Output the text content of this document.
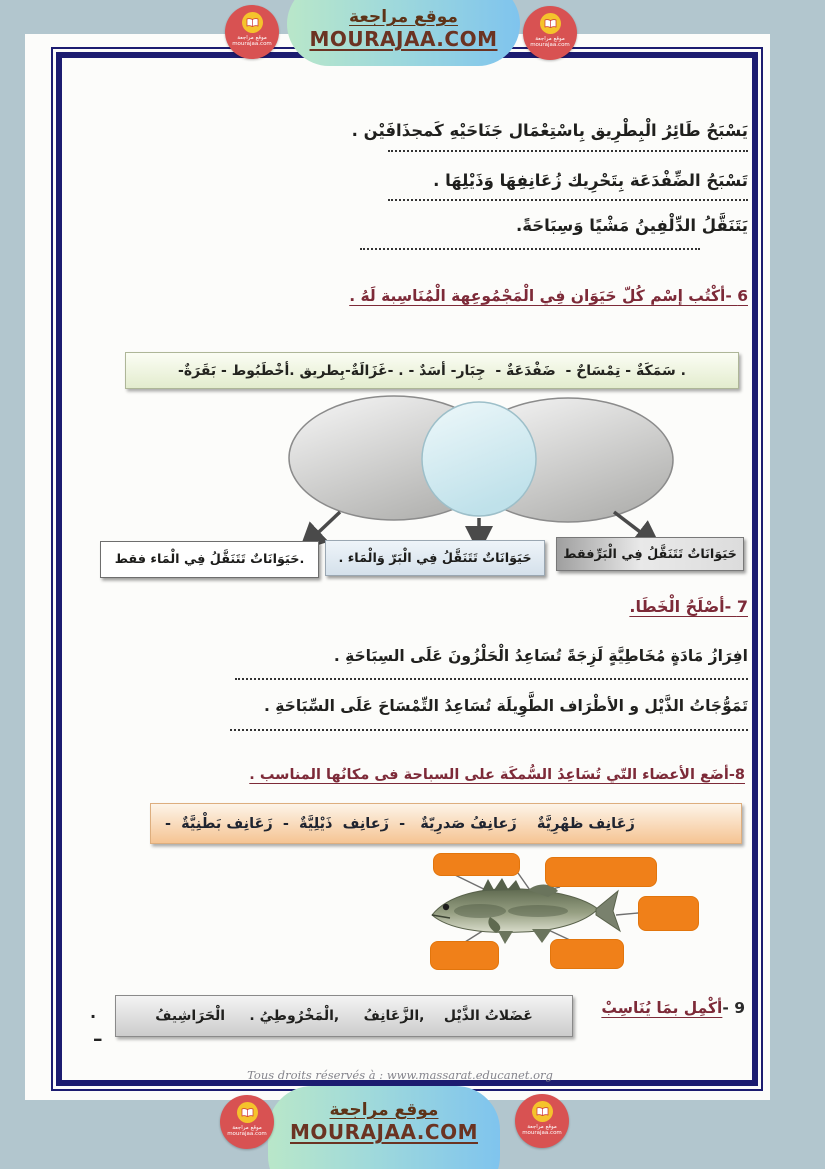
يَسْبَحُ طَائِرُ الْبِطْرِيق بِاسْتِعْمَال جَنَاحَيْهِ كَمجذَافَيْن .
تَسْبَحُ الضِّفْدَعَة بِتَحْرِيك زُعَانِفِهَا وَذَيْلِهَا .
يَتَنَقَّلُ الدِّلْفِينُ مَشْيًا وَسِبَاحَةً.
6 -أكْتُب إسْم كُلّ حَيَوَان فِي الْمَجْمُوعِهة الْمُنَاسِبة لَهُ .
. سَمَكَةٌ - تِمْسَاحٌ -  ضَفْدَعَةٌ -  جِبَار- أسَدٌ - . -غَزَالَةٌ-بِطريق .أخْطَبُوط - بَقَرَةٌ-
حَيَوَانَاتٌ تَتَنَقَّلُ فِي الْبَرِّفقط
حَيَوَانَاتٌ تَتَنَقَّلُ فِي الْبَرّ وَالْمَاء .
.حَيَوَانَاتٌ تَتَنَقَّلُ فِي الْمَاء فقط
7 -أصْلَحُ الْخَطَا.
افِرَازُ مَادَةٍ مُخَاطِيَّةٍ لَزِجَةً تُسَاعِدُ الْحَلْزُونَ عَلَى السِبَاحَةِ .
تَمَوُّجَاتُ الذَّيْل و الأطْرَاف الطَّوِيلَة تُسَاعِدُ التِّمْسَاحَ عَلَى السِّبَاحَةِ .
8-أضَع الأعضاء التّي تُسَاعِدُ السُّمكَة على السباحة فى مكانُها المناسب .
زَعَانِف ظهْرِيَّةٌ    زَعانِفُ صَدرِيّةٌ   -  زَعانِف  ذَيْلِيَّةٌ  -  زَعَانِف بَطْنِيَّةٌ  -
9 -أكْمِل بمَا يُنَاسِبْ
عَضَلاتُ الذَّيْل    ,الزَّعَانِفُ     ,الْمَخْرُوطِيُ .     الْحَرَاشِيفُ
.
–
Tous droits réservés à : www.massarat.educanet.org
موقع مراجعة
MOURAJAA.COM
موقع مراجعة
mourajaa.com
موقع مراجعة
mourajaa.com
موقع مراجعة
MOURAJAA.COM
موقع مراجعة
mourajaa.com
موقع مراجعة
mourajaa.com
